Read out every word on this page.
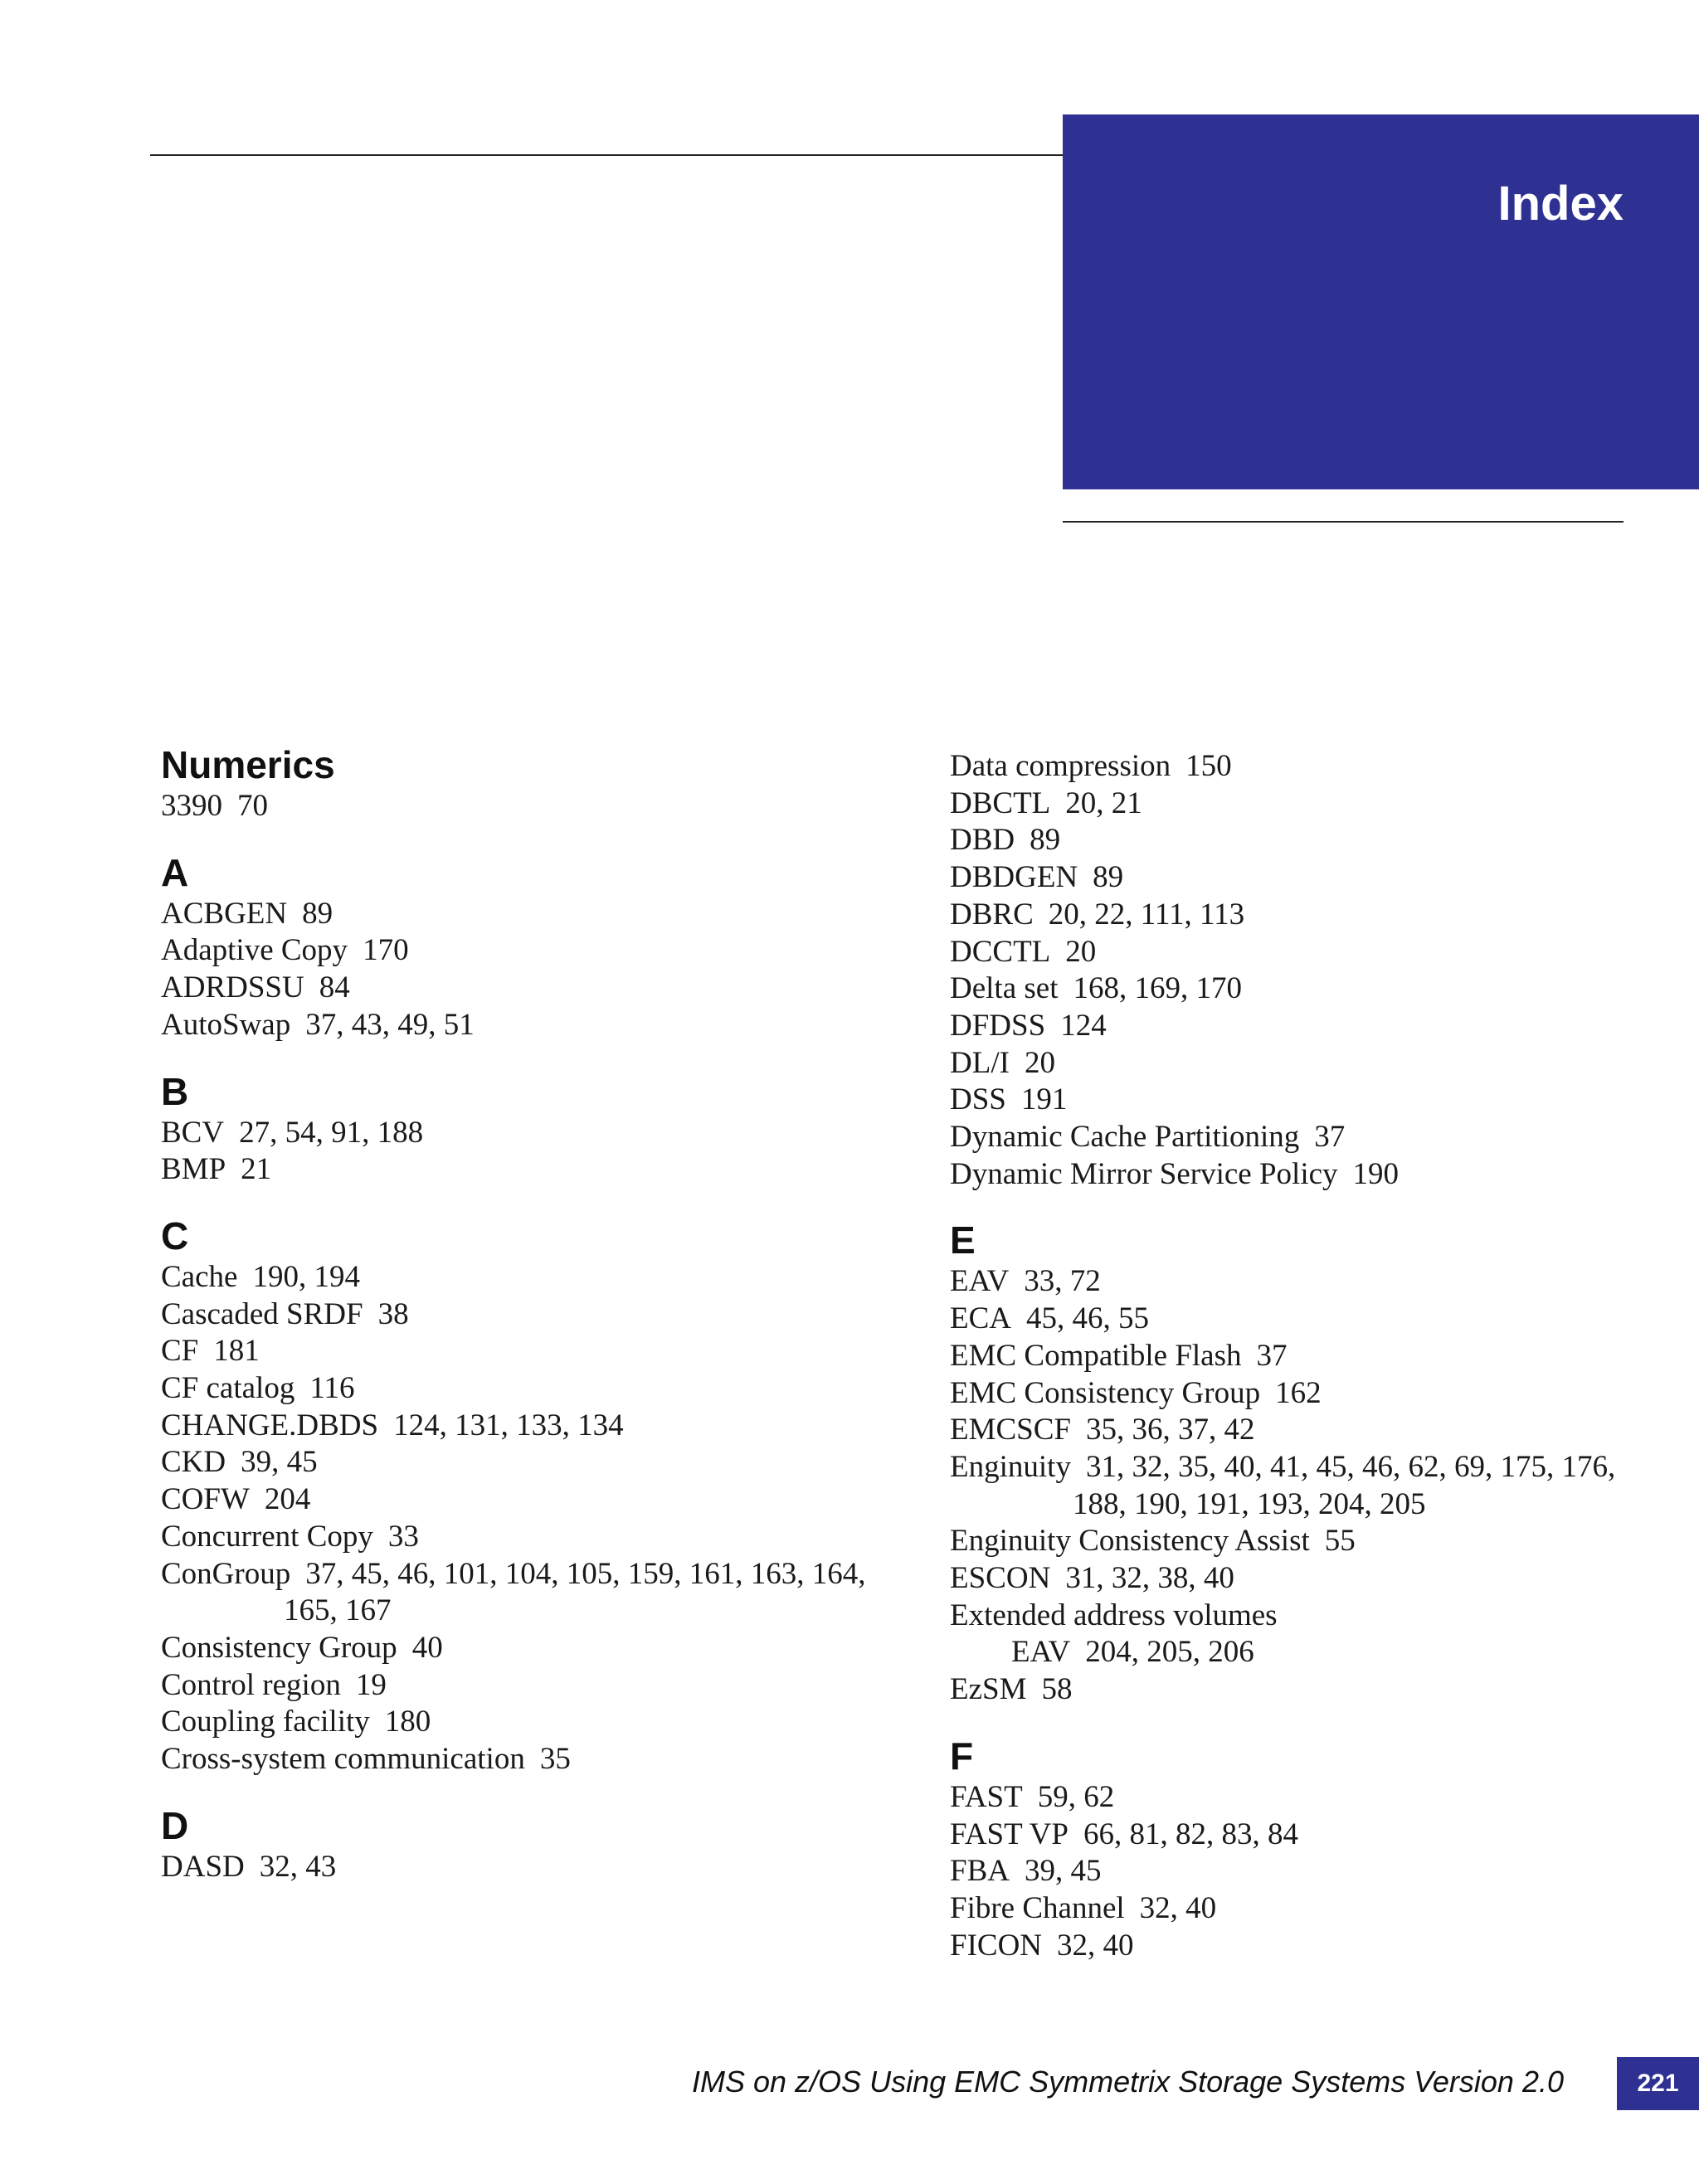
Index
Numerics
3390 70
A
ACBGEN 89
Adaptive Copy 170
ADRDSSU 84
AutoSwap 37, 43, 49, 51
B
BCV 27, 54, 91, 188
BMP 21
C
Cache 190, 194
Cascaded SRDF 38
CF 181
CF catalog 116
CHANGE.DBDS 124, 131, 133, 134
CKD 39, 45
COFW 204
Concurrent Copy 33
ConGroup 37, 45, 46, 101, 104, 105, 159, 161, 163, 164, 165, 167
Consistency Group 40
Control region 19
Coupling facility 180
Cross-system communication 35
D
DASD 32, 43
Data compression 150
DBCTL 20, 21
DBD 89
DBDGEN 89
DBRC 20, 22, 111, 113
DCCTL 20
Delta set 168, 169, 170
DFDSS 124
DL/I 20
DSS 191
Dynamic Cache Partitioning 37
Dynamic Mirror Service Policy 190
E
EAV 33, 72
ECA 45, 46, 55
EMC Compatible Flash 37
EMC Consistency Group 162
EMCSCF 35, 36, 37, 42
Enginuity 31, 32, 35, 40, 41, 45, 46, 62, 69, 175, 176, 188, 190, 191, 193, 204, 205
Enginuity Consistency Assist 55
ESCON 31, 32, 38, 40
Extended address volumes
EAV 204, 205, 206
EzSM 58
F
FAST 59, 62
FAST VP 66, 81, 82, 83, 84
FBA 39, 45
Fibre Channel 32, 40
FICON 32, 40
IMS on z/OS Using EMC Symmetrix Storage Systems Version 2.0	221
